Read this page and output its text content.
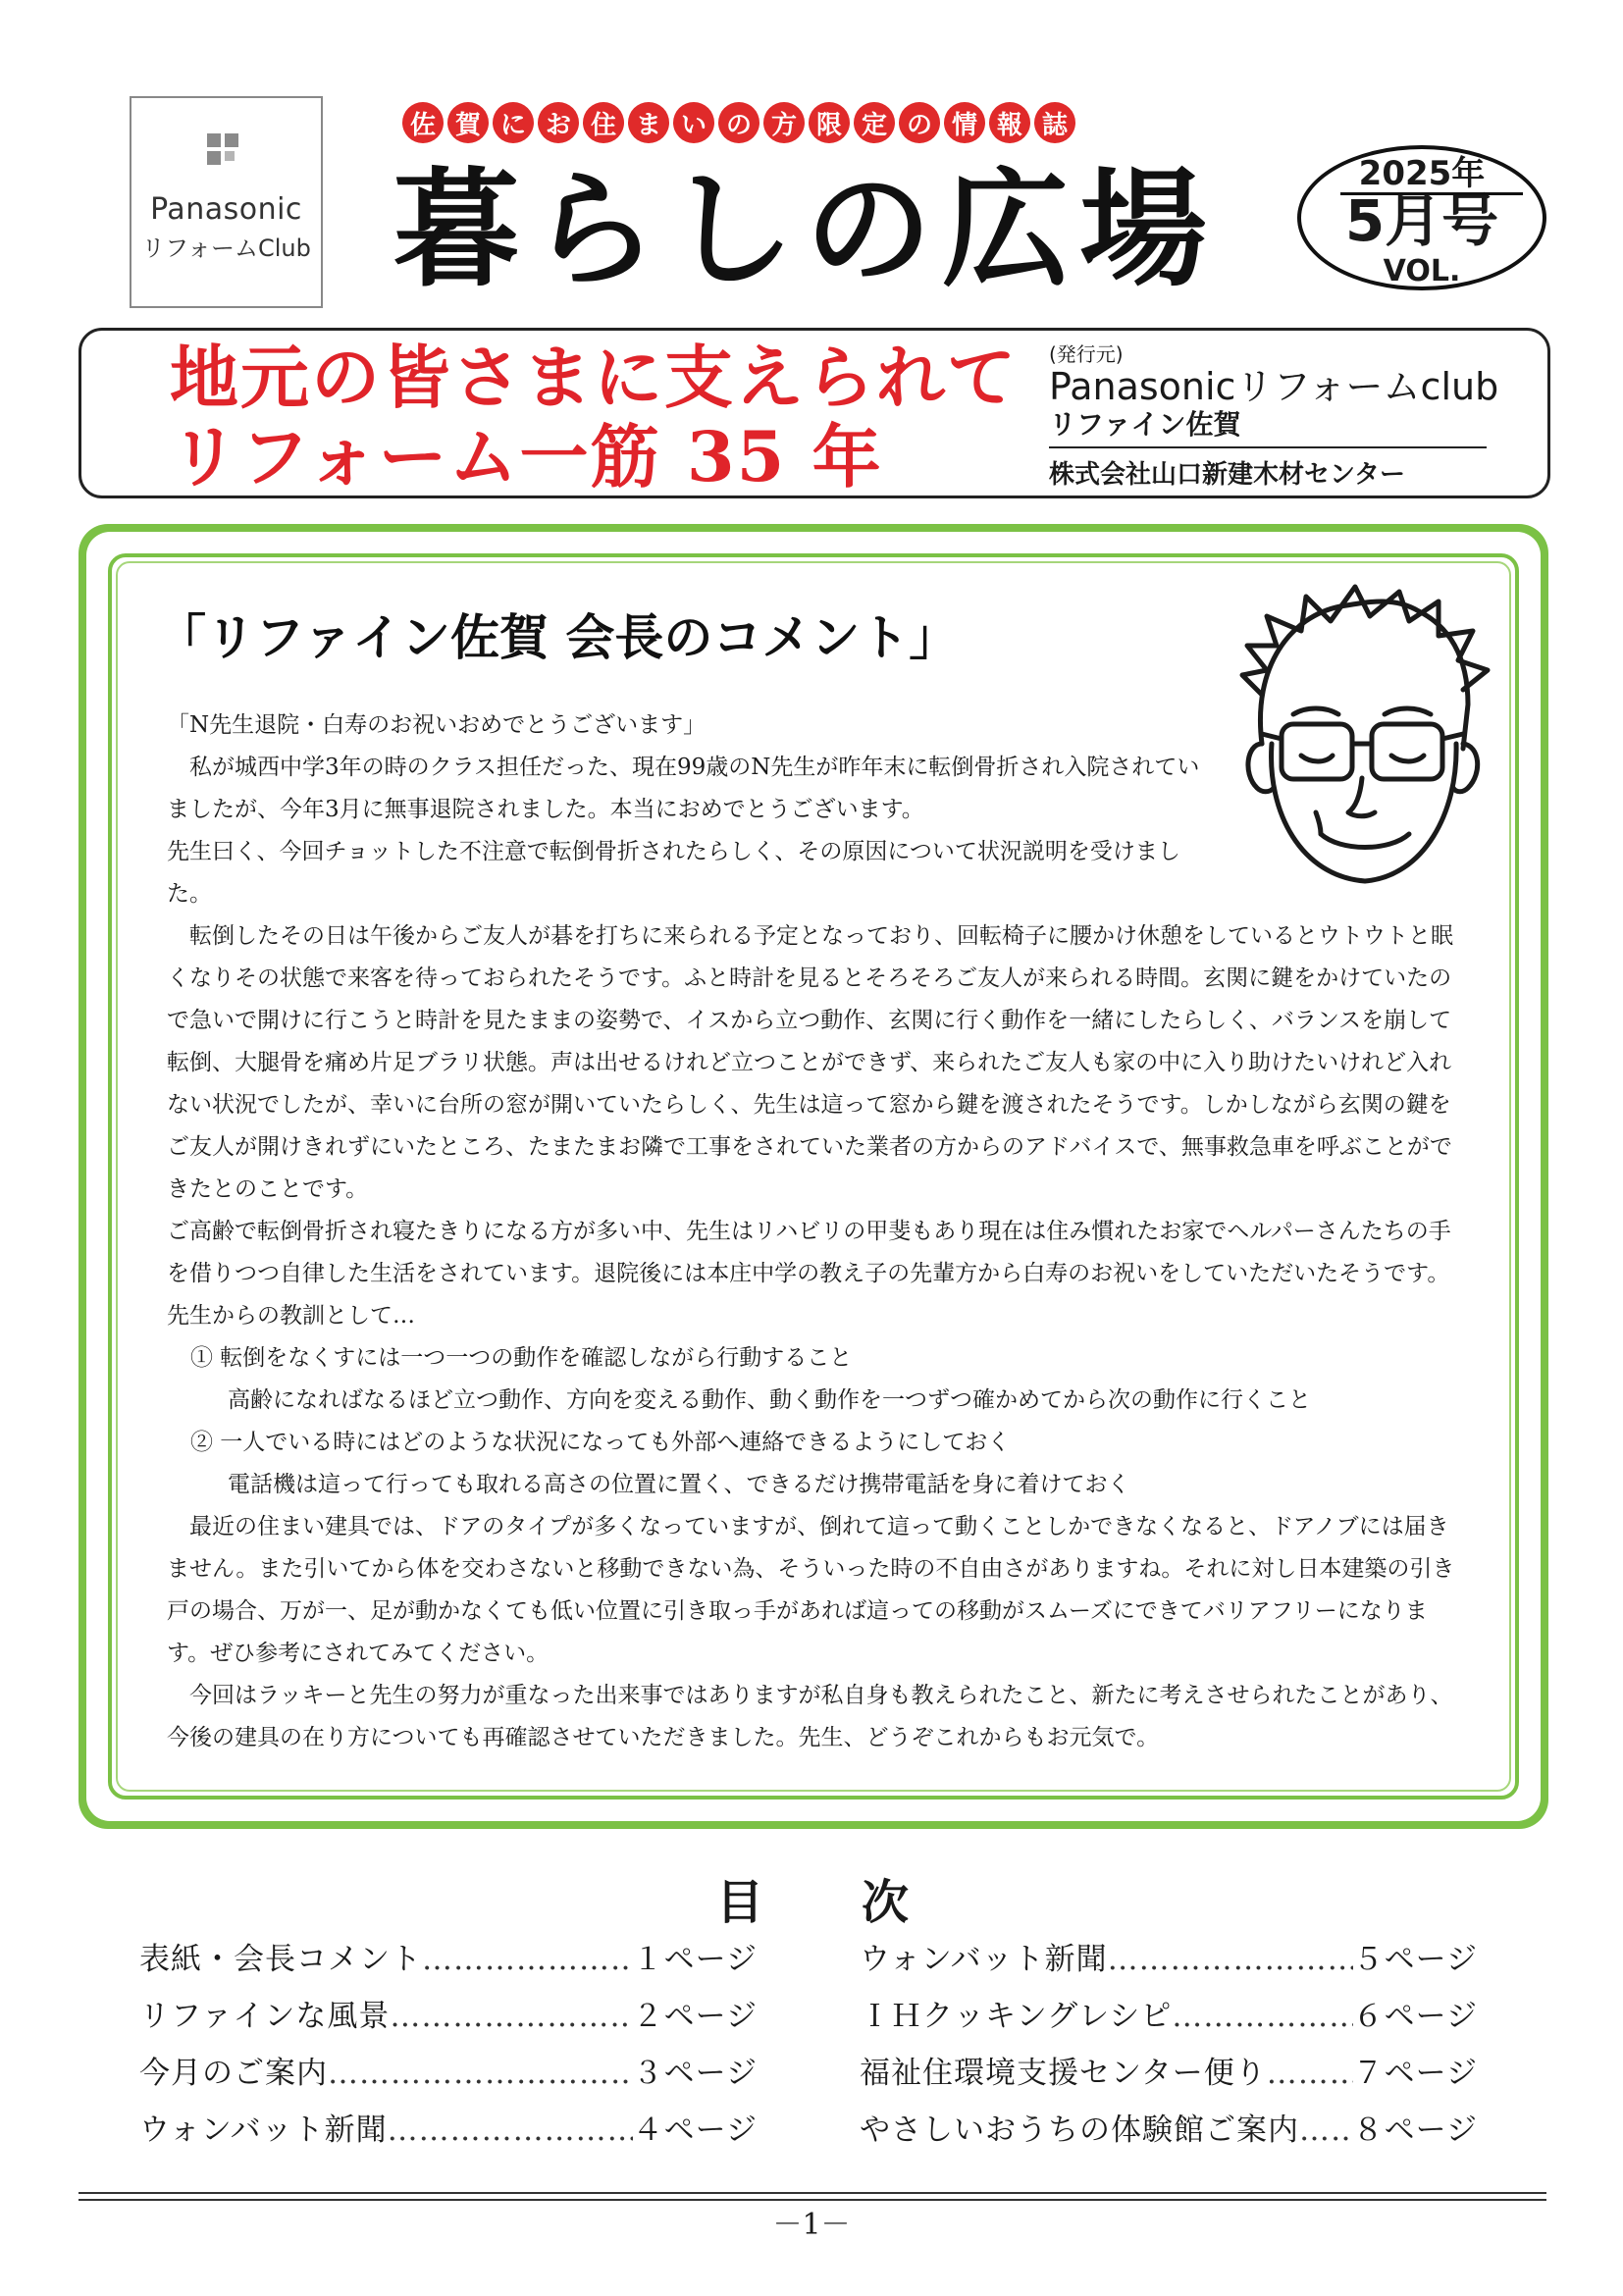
Panasonic
リフォームClub
佐 賀 に お 住 ま い の 方 限 定 の 情 報 誌
暮らしの広場	2025年
5月号
VOL.
地元の皆さまに支えられて
リフォーム一筋 35 年
(発行元)
Panasonicリフォームclub
リファイン佐賀
株式会社山口新建木材センター
「リファイン佐賀 会長のコメント」

「N先生退院・白寿のお祝いおめでとうございます」

　私が城西中学3年の時のクラス担任だった、現在99歳のN先生が昨年末に転倒骨折され入院されていましたが、今年3月に無事退院されました。本当におめでとうございます。

先生曰く、今回チョットした不注意で転倒骨折されたらしく、その原因について状況説明を受けました。

　転倒したその日は午後からご友人が碁を打ちに来られる予定となっており、回転椅子に腰かけ休憩をしているとウトウトと眠くなりその状態で来客を待っておられたそうです。ふと時計を見るとそろそろご友人が来られる時間。玄関に鍵をかけていたので急いで開けに行こうと時計を見たままの姿勢で、イスから立つ動作、玄関に行く動作を一緒にしたらしく、バランスを崩して転倒、大腿骨を痛め片足ブラリ状態。声は出せるけれど立つことができず、来られたご友人も家の中に入り助けたいけれど入れない状況でしたが、幸いに台所の窓が開いていたらしく、先生は這って窓から鍵を渡されたそうです。しかしながら玄関の鍵をご友人が開けきれずにいたところ、たまたまお隣で工事をされていた業者の方からのアドバイスで、無事救急車を呼ぶことができたとのことです。

ご高齢で転倒骨折され寝たきりになる方が多い中、先生はリハビリの甲斐もあり現在は住み慣れたお家でヘルパーさんたちの手を借りつつ自律した生活をされています。退院後には本庄中学の教え子の先輩方から白寿のお祝いをしていただいたそうです。

先生からの教訓として…

① 転倒をなくすには一つ一つの動作を確認しながら行動すること

高齢になればなるほど立つ動作、方向を変える動作、動く動作を一つずつ確かめてから次の動作に行くこと

② 一人でいる時にはどのような状況になっても外部へ連絡できるようにしておく

電話機は這って行っても取れる高さの位置に置く、できるだけ携帯電話を身に着けておく

　最近の住まい建具では、ドアのタイプが多くなっていますが、倒れて這って動くことしかできなくなると、ドアノブには届きません。また引いてから体を交わさないと移動できない為、そういった時の不自由さがありますね。それに対し日本建築の引き戸の場合、万が一、足が動かなくても低い位置に引き取っ手があれば這っての移動がスムーズにできてバリアフリーになります。ぜひ参考にされてみてください。

　今回はラッキーと先生の努力が重なった出来事ではありますが私自身も教えられたこと、新たに考えさせられたことがあり、今後の建具の在り方についても再確認させていただきました。先生、どうぞこれからもお元気で。

目次
表紙・会長コメント …………………………………………………………………	１ページ
リファインな風景 …………………………………………………………………	２ページ
今月のご案内 …………………………………………………………………	３ページ
ウォンバット新聞 …………………………………………………………………	４ページ
ウォンバット新聞 …………………………………………………………………	５ページ
ＩＨクッキングレシピ …………………………………………………………………	６ページ
福祉住環境支援センター便り …………………………………………………………………	７ページ
やさしいおうちの体験館ご案内 ………………………………………………………………… ８ページ
－1－
